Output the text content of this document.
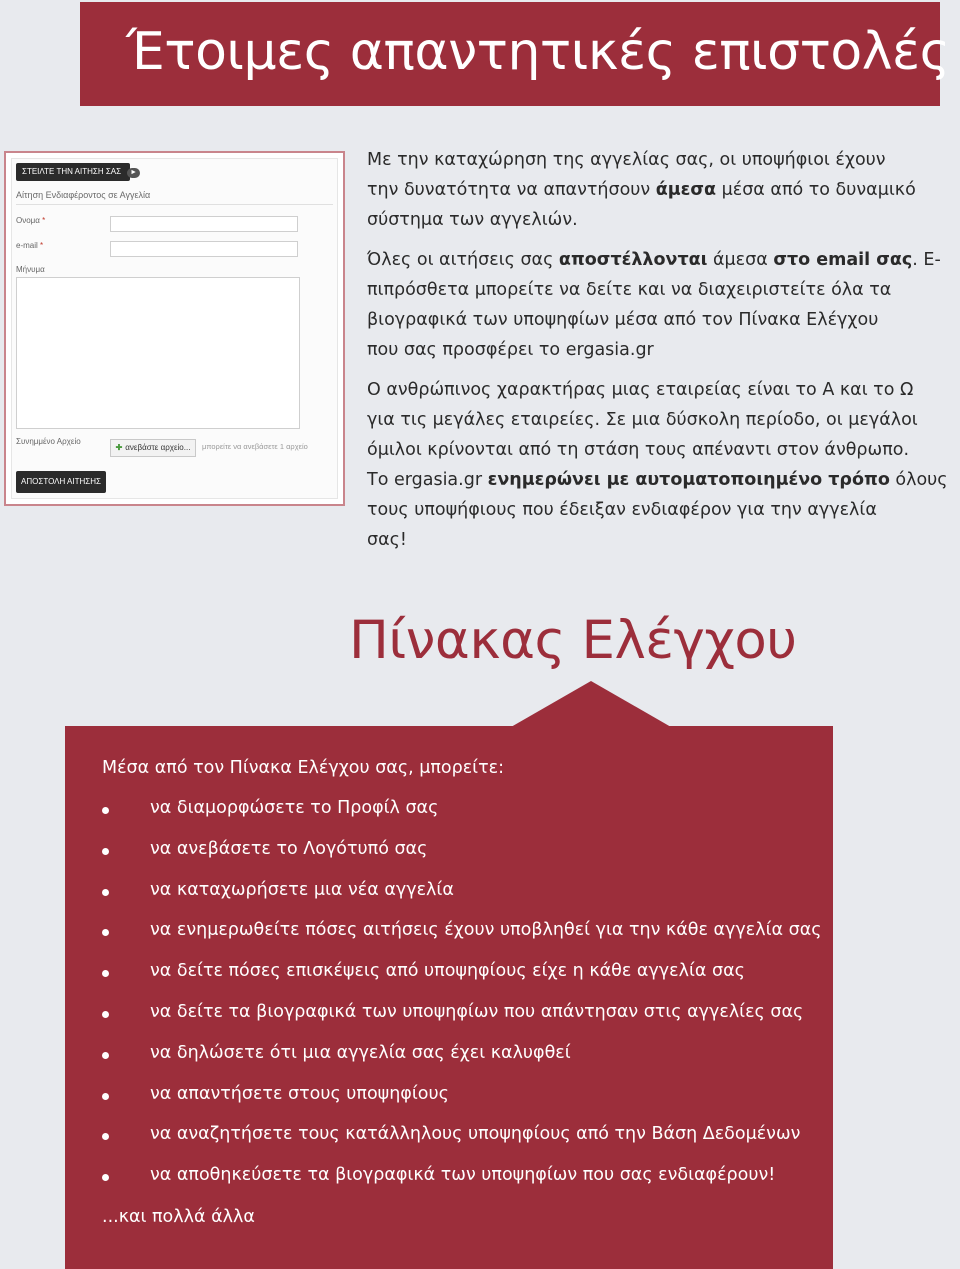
Έτοιμες απαντητικές επιστολές
ΣΤΕΙΛΤΕ ΤΗΝ ΑΙΤΗΣΗ ΣΑΣ ►
Αίτηση Ενδιαφέροντος σε Αγγελία
Ονομα *
e-mail *
Μήνυμα
Συνημμένο Αρχείο
✚ ανεβάστε αρχείο...	μπορείτε να ανεβάσετε 1 αρχείο
ΑΠΟΣΤΟΛΗ ΑΙΤΗΣΗΣ

Με την καταχώρηση της αγγελίας σας, οι υποψήφιοι έχουν
την δυνατότητα να απαντήσουν άμεσα μέσα από το δυναμικό
σύστημα των αγγελιών.

Όλες οι αιτήσεις σας αποστέλλονται άμεσα στο email σας. Ε-
πιπρόσθετα μπορείτε να δείτε και να διαχειριστείτε όλα τα
βιογραφικά των υποψηφίων μέσα από τον Πίνακα Ελέγχου
που σας προσφέρει το ergasia.gr

Ο ανθρώπινος χαρακτήρας μιας εταιρείας είναι το Α και το Ω
για τις μεγάλες εταιρείες. Σε μια δύσκολη περίοδο, οι μεγάλοι
όμιλοι κρίνονται από τη στάση τους απέναντι στον άνθρωπο.
Το ergasia.gr ενημερώνει με αυτοματοποιημένο τρόπο όλους
τους υποψήφιους που έδειξαν ενδιαφέρον για την αγγελία
σας!

Πίνακας Ελέγχου
Μέσα από τον Πίνακα Ελέγχου σας, μπορείτε:
να διαμορφώσετε το Προφίλ σας
να ανεβάσετε το Λογότυπό σας
να καταχωρήσετε μια νέα αγγελία
να ενημερωθείτε πόσες αιτήσεις έχουν υποβληθεί για την κάθε αγγελία σας
να δείτε πόσες επισκέψεις από υποψηφίους είχε η κάθε αγγελία σας
να δείτε τα βιογραφικά των υποψηφίων που απάντησαν στις αγγελίες σας
να δηλώσετε ότι μια αγγελία σας έχει καλυφθεί
να απαντήσετε στους υποψηφίους
να αναζητήσετε τους κατάλληλους υποψηφίους από την Βάση Δεδομένων
να αποθηκεύσετε τα βιογραφικά των υποψηφίων που σας ενδιαφέρουν!
...και πολλά άλλα
